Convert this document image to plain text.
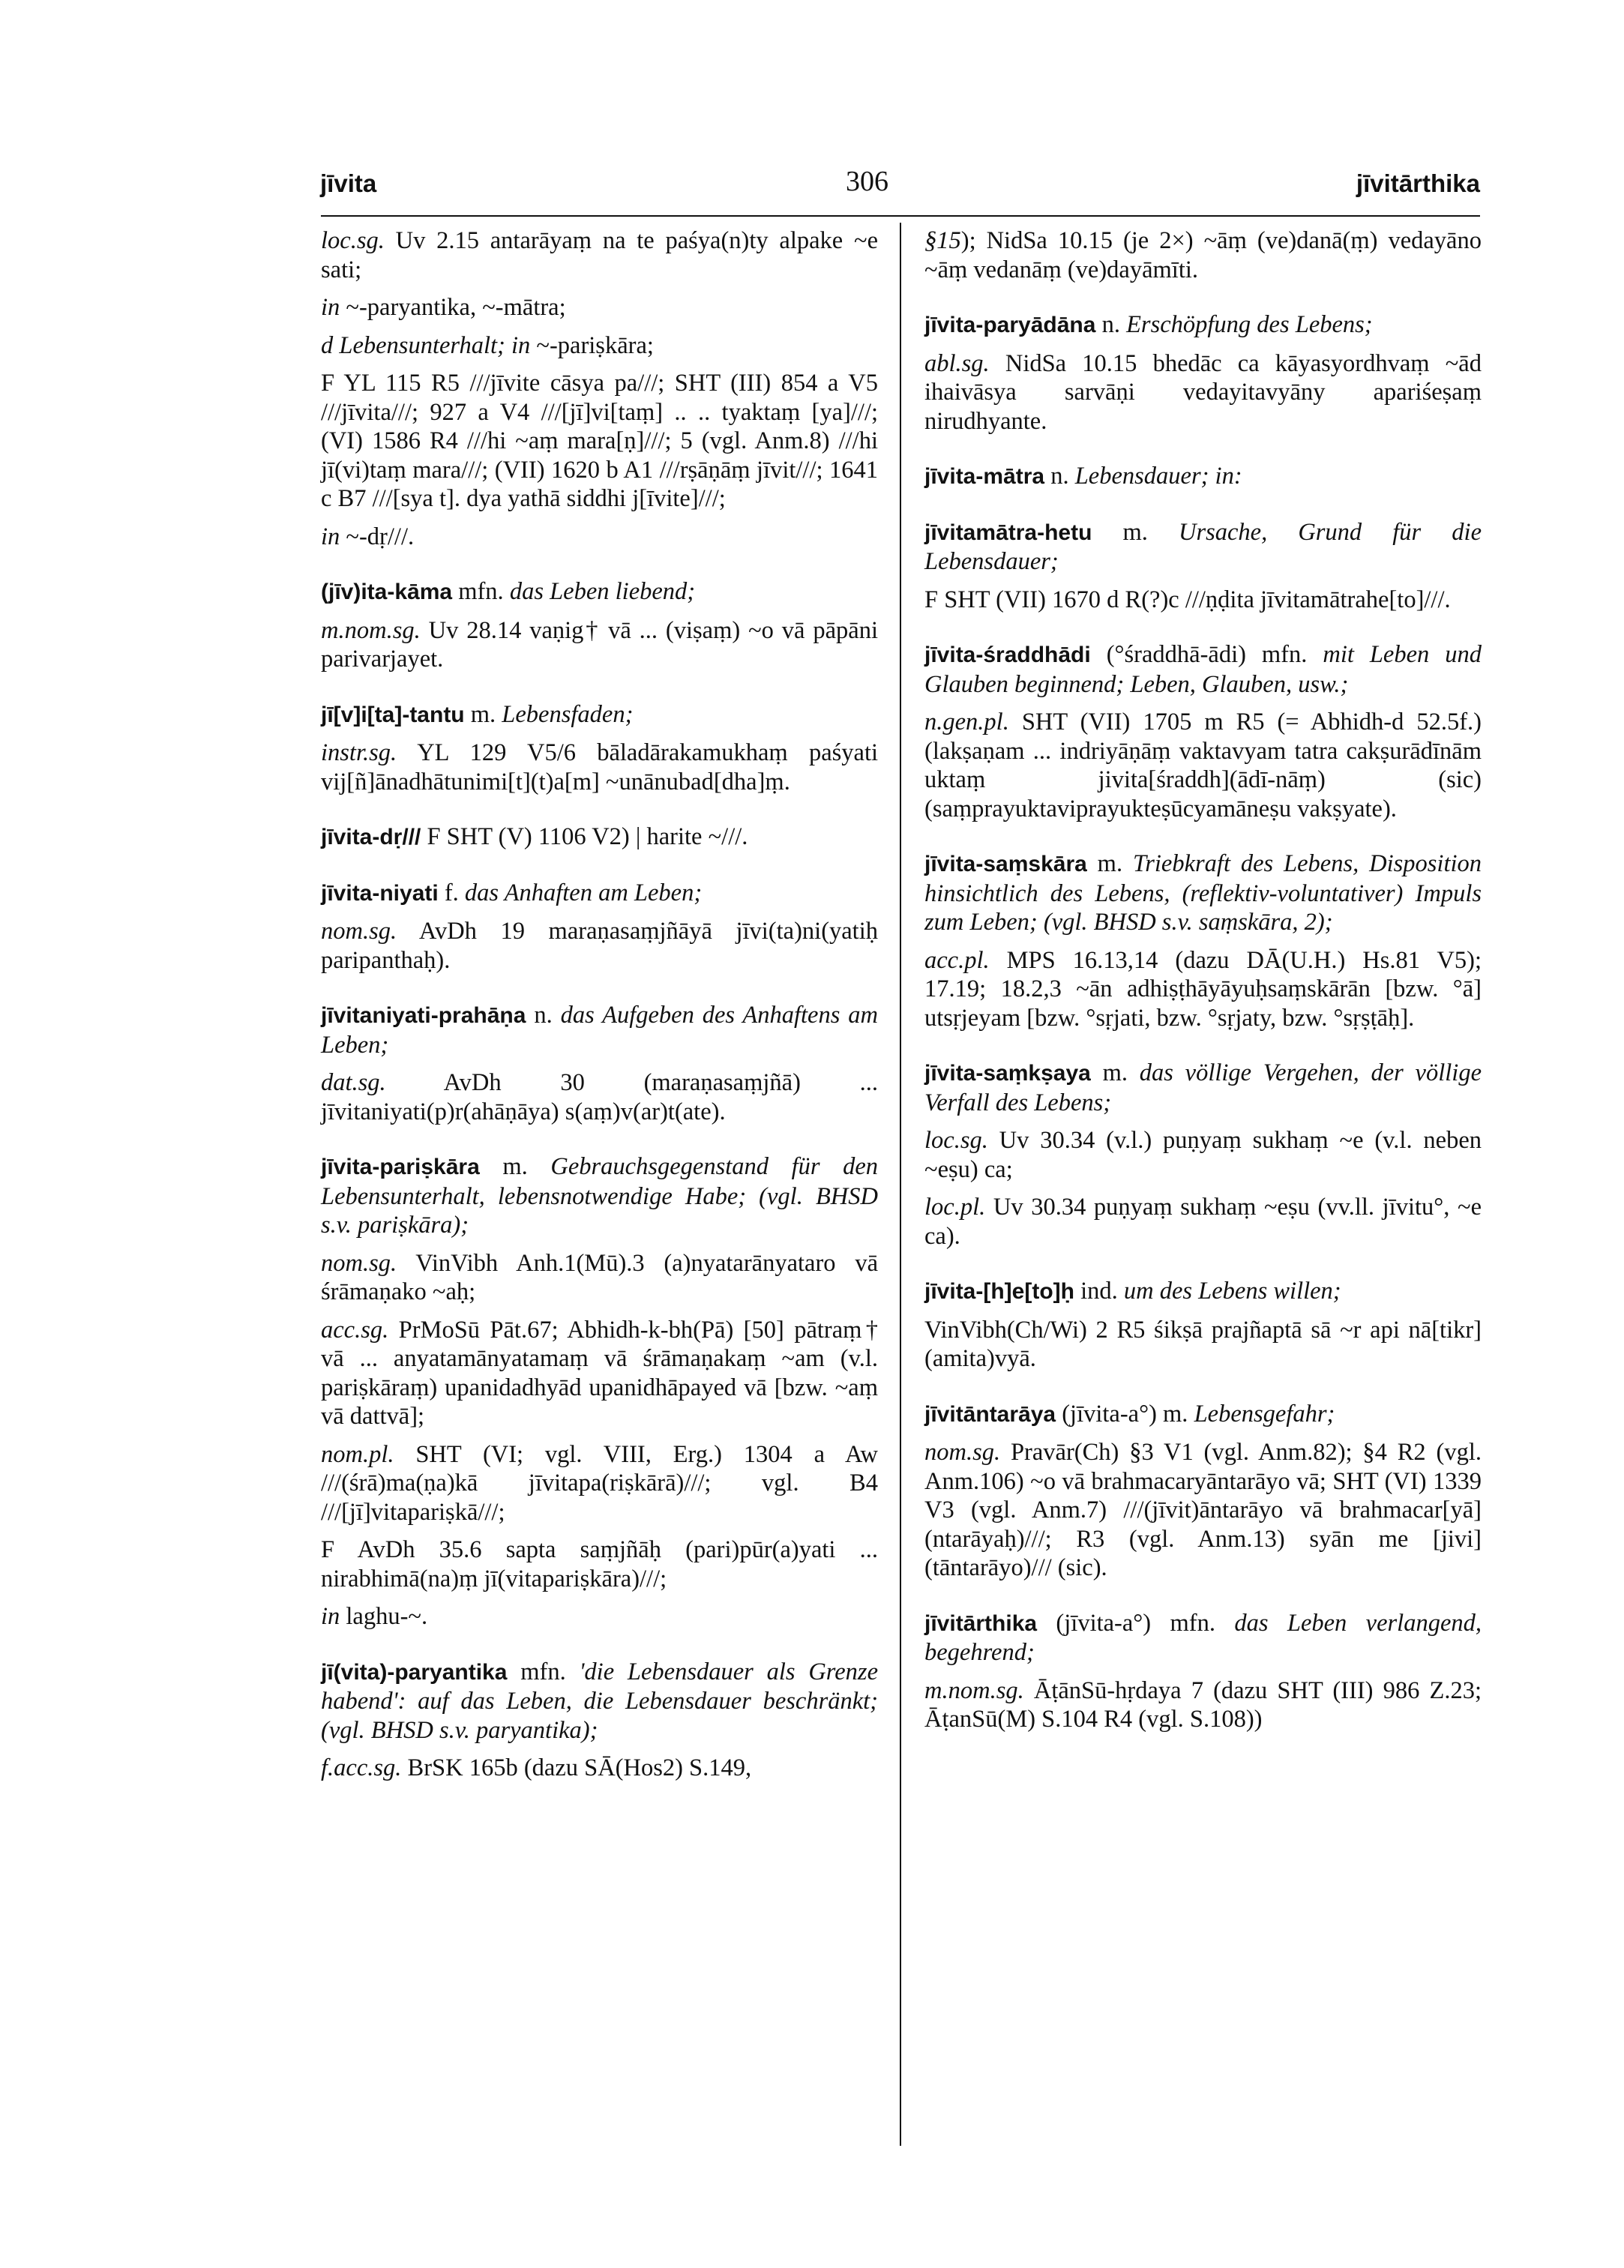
jīvita	306	jīvitārthika

loc.sg. Uv 2.15 antarāyaṃ na te paśya(n)ty alpake ~e sati;

in ~-paryantika, ~-mātra;

d Lebensunterhalt; in ~-pariṣkāra;

F YL 115 R5 ///jīvite cāsya pa///; SHT (III) 854 a V5 ///jīvita///; 927 a V4 ///[jī]vi[taṃ] .. .. tyaktaṃ [ya]///; (VI) 1586 R4 ///hi ~aṃ mara[ṇ]///; 5 (vgl. Anm.8) ///hi jī(vi)taṃ mara///; (VII) 1620 b A1 ///rṣāṇāṃ jīvit///; 1641 c B7 ///[sya t]. dya yathā siddhi j[īvite]///;

in ~-dṛ///.

(jīv)ita-kāma mfn. das Leben liebend;

m.nom.sg. Uv 28.14 vaṇig† vā ... (viṣaṃ) ~o vā pāpāni parivarjayet.

jī[v]i[ta]-tantu m. Lebensfaden;

instr.sg. YL 129 V5/6 bāladārakamukhaṃ paśyati vij[ñ]ānadhātunimi[t](t)a[m] ~unānubad[dha]ṃ.

jīvita-dṛ/// F SHT (V) 1106 V2) | harite ~///.

jīvita-niyati f. das Anhaften am Leben;

nom.sg. AvDh 19 maraṇasaṃjñāyā jīvi(ta)ni(yatiḥ paripanthaḥ).

jīvitaniyati-prahāṇa n. das Aufgeben des Anhaftens am Leben;

dat.sg. AvDh 30 (maraṇasaṃjñā) ... jīvitaniyati(p)r(ahāṇāya) s(aṃ)v(ar)t(ate).

jīvita-pariṣkāra m. Gebrauchsgegenstand für den Lebensunterhalt, lebensnotwendige Habe; (vgl. BHSD s.v. pariṣkāra);

nom.sg. VinVibh Anh.1(Mū).3 (a)nyatarānyataro vā śrāmaṇako ~aḥ;

acc.sg. PrMoSū Pāt.67; Abhidh-k-bh(Pā) [50] pātraṃ† vā ... anyatamānyatamaṃ vā śrāmaṇakaṃ ~am (v.l. pariṣkāraṃ) upanidadhyād upanidhāpayed vā [bzw. ~aṃ vā dattvā];

nom.pl. SHT (VI; vgl. VIII, Erg.) 1304 a Aw ///(śrā)ma(ṇa)kā jīvitapa(riṣkārā)///; vgl. B4 ///[jī]vitapariṣkā///;

F AvDh 35.6 sapta saṃjñāḥ (pari)pūr(a)yati ... nirabhimā(na)ṃ jī(vitapariṣkāra)///;

in laghu-~.

jī(vita)-paryantika mfn. 'die Lebensdauer als Grenze habend': auf das Leben, die Lebensdauer beschränkt; (vgl. BHSD s.v. paryantika);

f.acc.sg. BrSK 165b (dazu SĀ(Hos2) S.149,

§15); NidSa 10.15 (je 2×) ~āṃ (ve)danā(ṃ) vedayāno ~āṃ vedanāṃ (ve)dayāmīti.

jīvita-paryādāna n. Erschöpfung des Lebens;

abl.sg. NidSa 10.15 bhedāc ca kāyasyordhvaṃ ~ād ihaivāsya sarvāṇi vedayitavyāny apariśeṣaṃ nirudhyante.

jīvita-mātra n. Lebensdauer; in:

jīvitamātra-hetu m. Ursache, Grund für die Lebensdauer;

F SHT (VII) 1670 d R(?)c ///ṇḍita jīvitamātrahe[to]///.

jīvita-śraddhādi (°śraddhā-ādi) mfn. mit Leben und Glauben beginnend; Leben, Glauben, usw.;

n.gen.pl. SHT (VII) 1705 m R5 (= Abhidh-d 52.5f.) (lakṣaṇam ... indriyāṇāṃ vaktavyam tatra cakṣurādīnām uktaṃ jivita[śraddh](ādī-nāṃ) (sic) (saṃprayuktaviprayukteṣūcyamāneṣu vakṣyate).

jīvita-saṃskāra m. Triebkraft des Lebens, Disposition hinsichtlich des Lebens, (reflektiv-voluntativer) Impuls zum Leben; (vgl. BHSD s.v. saṃskāra, 2);

acc.pl. MPS 16.13,14 (dazu DĀ(U.H.) Hs.81 V5); 17.19; 18.2,3 ~ān adhiṣṭhāyāyuḥsaṃskārān [bzw. °ā] utsṛjeyam [bzw. °sṛjati, bzw. °sṛjaty, bzw. °sṛṣṭāḥ].

jīvita-saṃkṣaya m. das völlige Vergehen, der völlige Verfall des Lebens;

loc.sg. Uv 30.34 (v.l.) puṇyaṃ sukhaṃ ~e (v.l. neben ~eṣu) ca;

loc.pl. Uv 30.34 puṇyaṃ sukhaṃ ~eṣu (vv.ll. jīvitu°, ~e ca).

jīvita-[h]e[to]ḥ ind. um des Lebens willen;

VinVibh(Ch/Wi) 2 R5 śikṣā prajñaptā sā ~r api nā[tikr](amita)vyā.

jīvitāntarāya (jīvita-a°) m. Lebensgefahr;

nom.sg. Pravār(Ch) §3 V1 (vgl. Anm.82); §4 R2 (vgl. Anm.106) ~o vā brahmacaryāntarāyo vā; SHT (VI) 1339 V3 (vgl. Anm.7) ///(jīvit)āntarāyo vā brahmacar[yā](ntarāyaḥ)///; R3 (vgl. Anm.13) syān me [jivi](tāntarāyo)/// (sic).

jīvitārthika (jīvita-a°) mfn. das Leben verlangend, begehrend;

m.nom.sg. ĀṭānSū-hṛdaya 7 (dazu SHT (III) 986 Z.23; ĀṭanSū(M) S.104 R4 (vgl. S.108))
